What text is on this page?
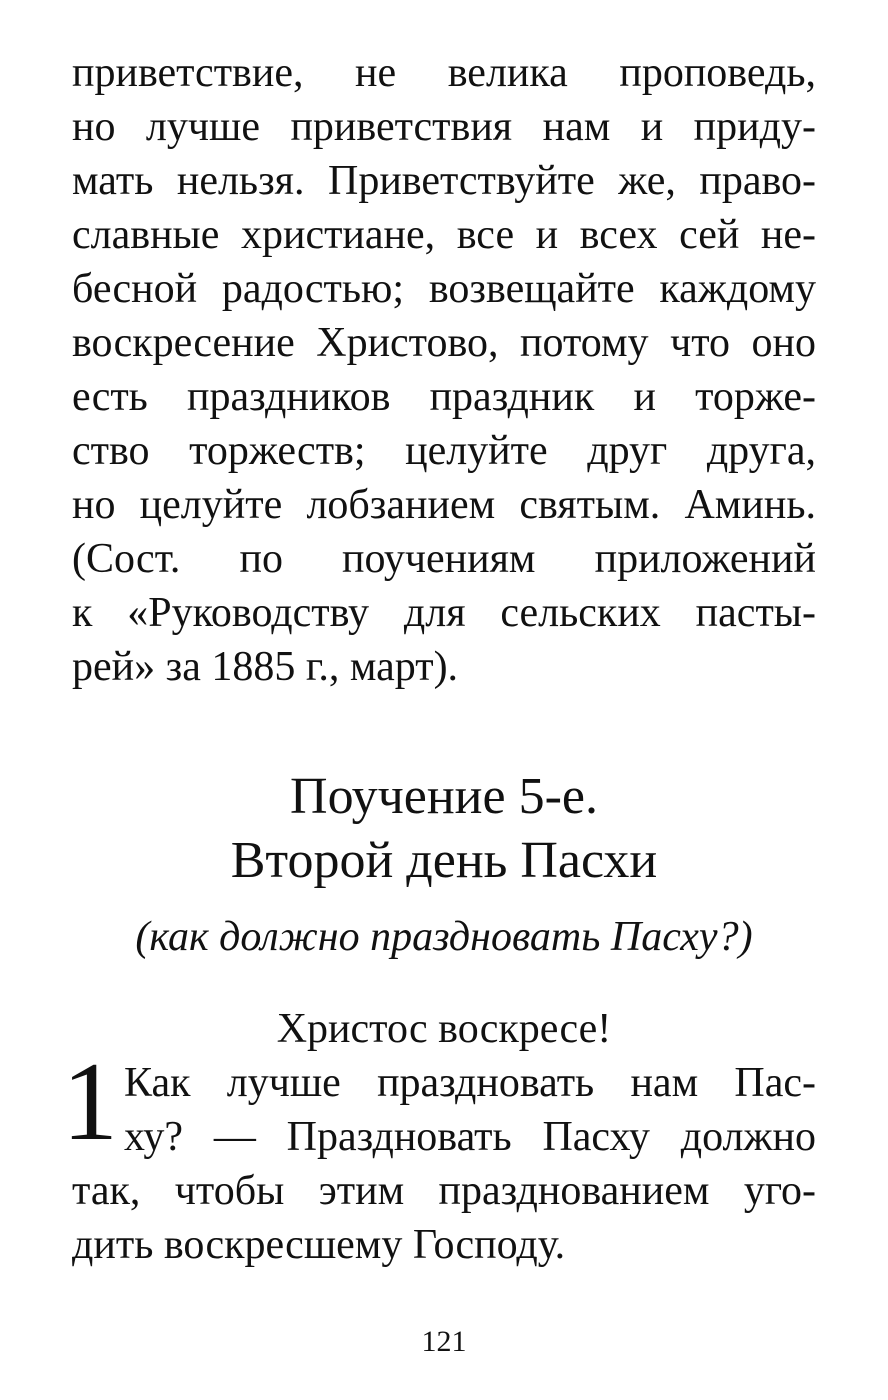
приветствие, не велика проповедь,
но лучше приветствия нам и приду-
мать нельзя. Приветствуйте же, право-
славные христиане, все и всех сей не-
бесной радостью; возвещайте каждому
воскресение Христово, потому что оно
есть праздников праздник и торже-
ство торжеств; целуйте друг друга,
но целуйте лобзанием святым. Аминь.
(Сост. по поучениям приложений
к «Руководству для сельских пасты-
рей» за 1885 г., март).
Поучение 5-е.
Второй день Пасхи
(как должно праздновать Пасху?)
Христос воскресе!
1 Как лучше праздновать нам Пас-
ху? — Праздновать Пасху должно
так, чтобы этим празднованием уго-
дить воскресшему Господу.
121
